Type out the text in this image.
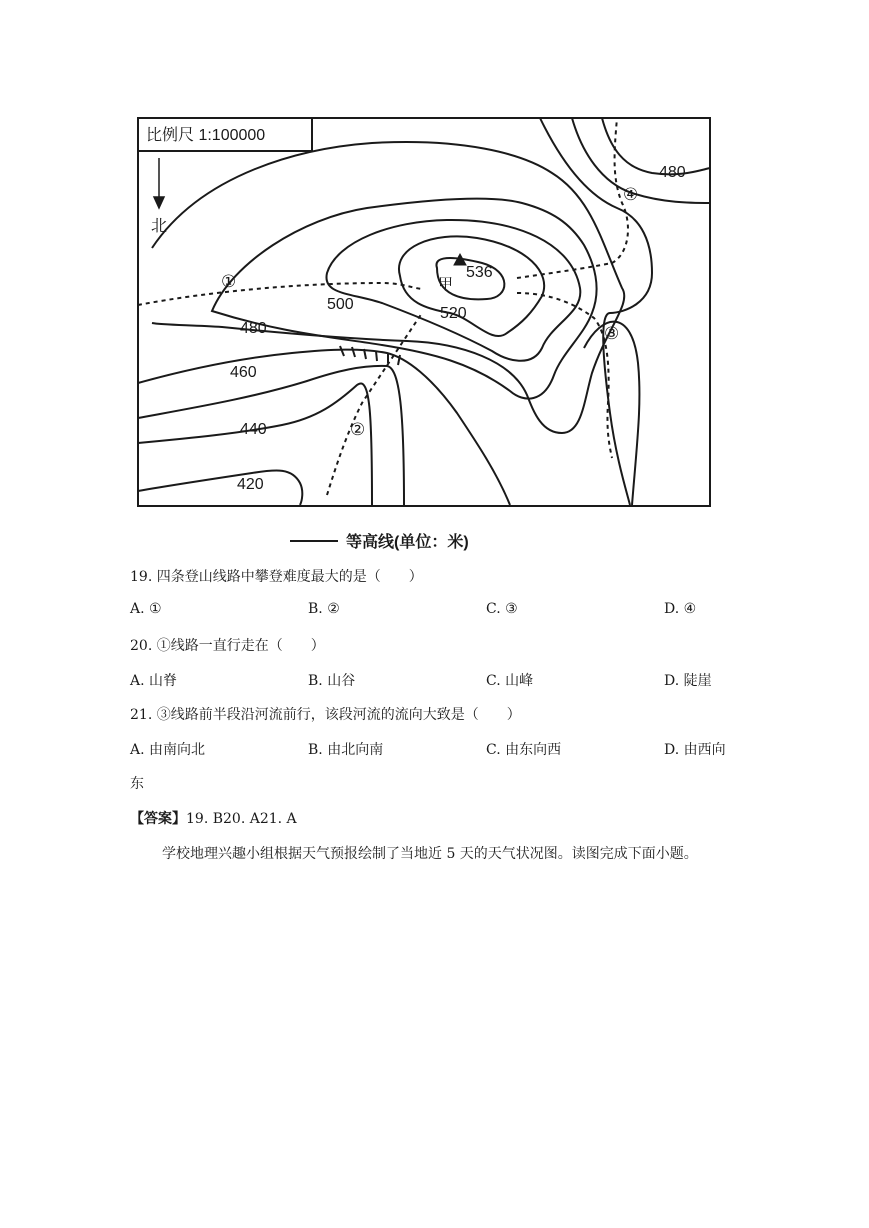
比例尺 1:100000
北
甲
536
520
500
480
460
440
420
480
①
②
③
④
等高线(单位：米)
19. 四条登山线路中攀登难度最大的是（　　）
A. ①	B. ②	C. ③	D. ④
20. ①线路一直行走在（　　）
A. 山脊	B. 山谷	C. 山峰	D. 陡崖
21. ③线路前半段沿河流前行，该段河流的流向大致是（　　）
A. 由南向北	B. 由北向南	C. 由东向西	D. 由西向
东
【答案】19. B20. A21. A
学校地理兴趣小组根据天气预报绘制了当地近 5 天的天气状况图。读图完成下面小题。
